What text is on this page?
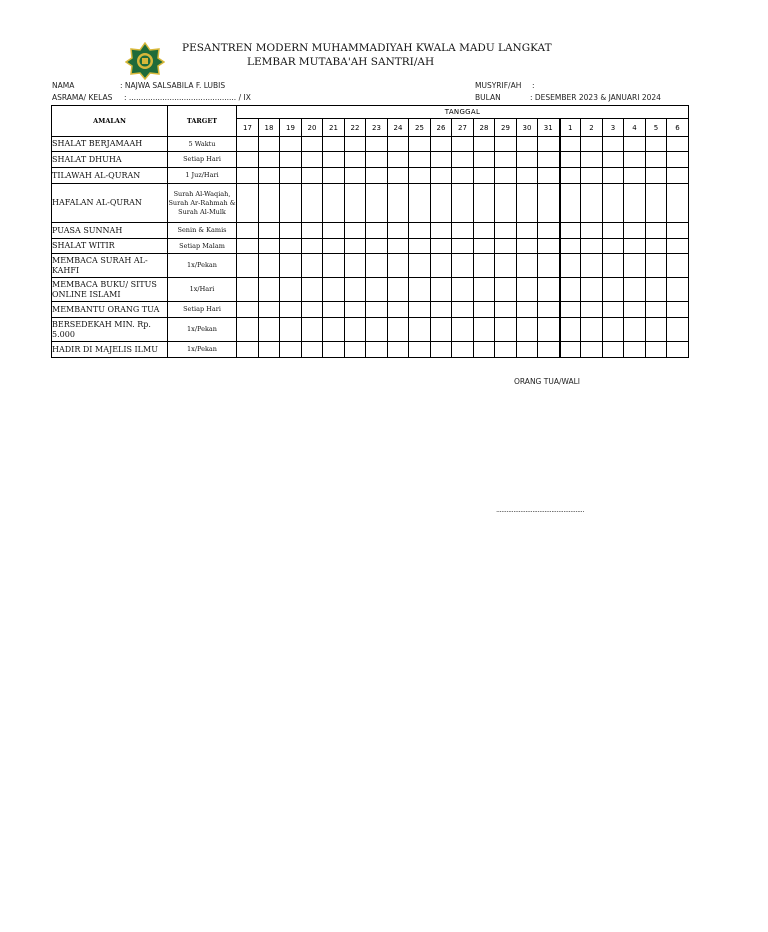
PESANTREN MODERN MUHAMMADIYAH KWALA MADU LANGKAT
LEMBAR MUTABA'AH SANTRI/AH
NAMA	: NAJWA SALSABILA F. LUBIS
ASRAMA/ KELAS : ............................................. / IX
MUSYRIF/AH :
BULAN	: DESEMBER 2023 & JANUARI 2024
AMALAN	TARGET	TANGGAL																				
		17	18	19	20	21	22	23	24	25	26	27	28	29	30	31	1	2	3	4	5	6
SHALAT BERJAMAAH	5 Waktu																					
SHALAT DHUHA	Setiap Hari																					
TILAWAH AL-QURAN	1 Juz/Hari																					
HAFALAN AL-QURAN	Surah Al-Waqiah, Surah Ar-Rahmah & Surah Al-Mulk																					
PUASA SUNNAH	Senin & Kamis																					
SHALAT WITIR	Setiap Malam																					
MEMBACA SURAH AL-KAHFI	1x/Pekan																					
MEMBACA BUKU/ SITUS ONLINE ISLAMI	1x/Hari																					
MEMBANTU ORANG TUA	Setiap Hari																					
BERSEDEKAH MIN. Rp. 5.000	1x/Pekan																					
HADIR DI MAJELIS ILMU	1x/Pekan																					
ORANG TUA/WALI
...................................................
